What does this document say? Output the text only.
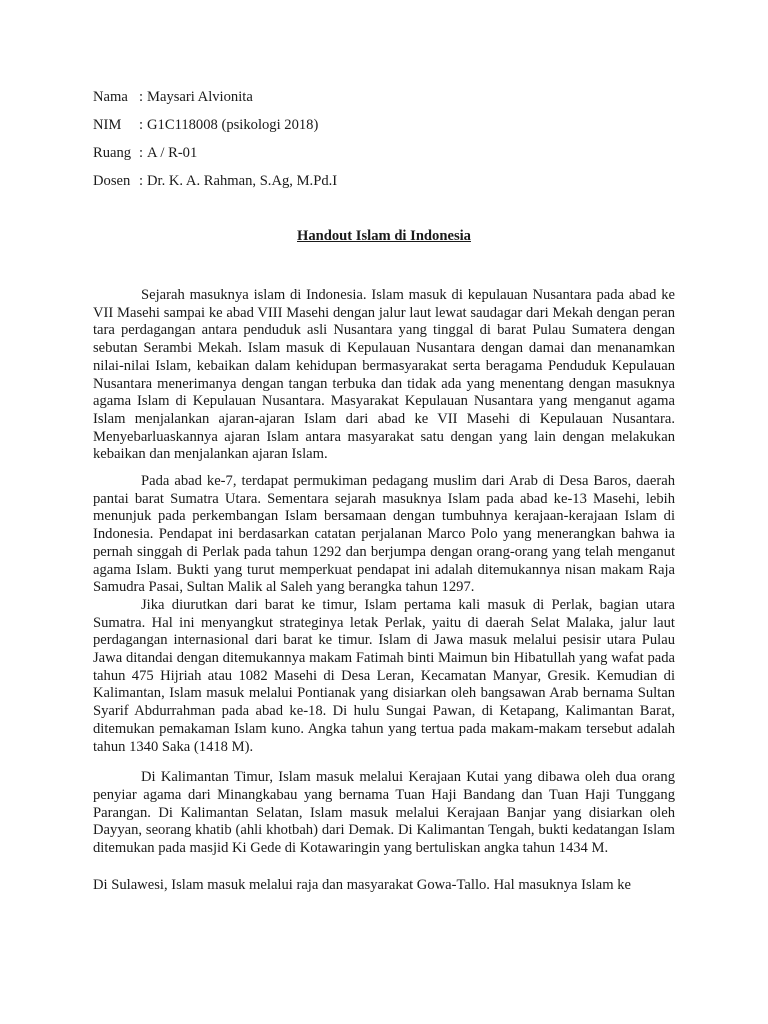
Nama : Maysari Alvionita
NIM	: G1C118008 (psikologi 2018)
Ruang : A / R-01
Dosen : Dr. K. A. Rahman, S.Ag, M.Pd.I
Handout Islam di Indonesia

Sejarah masuknya islam di Indonesia. Islam masuk di kepulauan Nusantara pada abad ke VII Masehi sampai ke abad VIII Masehi dengan jalur laut lewat saudagar dari Mekah dengan peran tara perdagangan antara penduduk asli Nusantara yang tinggal di barat Pulau Sumatera dengan sebutan Serambi Mekah. Islam masuk di Kepulauan Nusantara dengan damai dan menanamkan nilai-nilai Islam, kebaikan dalam kehidupan bermasyarakat serta beragama Penduduk Kepulauan Nusantara menerimanya dengan tangan terbuka dan tidak ada yang menentang dengan masuknya agama Islam di Kepulauan Nusantara. Masyarakat Kepulauan Nusantara yang menganut agama Islam menjalankan ajaran-ajaran Islam dari abad ke VII Masehi di Kepulauan Nusantara. Menyebarluaskannya ajaran Islam antara masyarakat satu dengan yang lain dengan melakukan kebaikan dan menjalankan ajaran Islam.

Pada abad ke-7, terdapat permukiman pedagang muslim dari Arab di Desa Baros, daerah pantai barat Sumatra Utara. Sementara sejarah masuknya Islam pada abad ke-13 Masehi, lebih menunjuk pada perkembangan Islam bersamaan dengan tumbuhnya kerajaan-kerajaan Islam di Indonesia. Pendapat ini berdasarkan catatan perjalanan Marco Polo yang menerangkan bahwa ia pernah singgah di Perlak pada tahun 1292 dan berjumpa dengan orang-orang yang telah menganut agama Islam. Bukti yang turut memperkuat pendapat ini adalah ditemukannya nisan makam Raja Samudra Pasai, Sultan Malik al Saleh yang berangka tahun 1297.

Jika diurutkan dari barat ke timur, Islam pertama kali masuk di Perlak, bagian utara Sumatra. Hal ini menyangkut strateginya letak Perlak, yaitu di daerah Selat Malaka, jalur laut perdagangan internasional dari barat ke timur. Islam di Jawa masuk melalui pesisir utara Pulau Jawa ditandai dengan ditemukannya makam Fatimah binti Maimun bin Hibatullah yang wafat pada tahun 475 Hijriah atau 1082 Masehi di Desa Leran, Kecamatan Manyar, Gresik. Kemudian di Kalimantan, Islam masuk melalui Pontianak yang disiarkan oleh bangsawan Arab bernama Sultan Syarif Abdurrahman pada abad ke-18. Di hulu Sungai Pawan, di Ketapang, Kalimantan Barat, ditemukan pemakaman Islam kuno. Angka tahun yang tertua pada makam-makam tersebut adalah tahun 1340 Saka (1418 M).

Di Kalimantan Timur, Islam masuk melalui Kerajaan Kutai yang dibawa oleh dua orang penyiar agama dari Minangkabau yang bernama Tuan Haji Bandang dan Tuan Haji Tunggang Parangan. Di Kalimantan Selatan, Islam masuk melalui Kerajaan Banjar yang disiarkan oleh Dayyan, seorang khatib (ahli khotbah) dari Demak. Di Kalimantan Tengah, bukti kedatangan Islam ditemukan pada masjid Ki Gede di Kotawaringin yang bertuliskan angka tahun 1434 M.

Di Sulawesi, Islam masuk melalui raja dan masyarakat Gowa-Tallo. Hal masuknya Islam ke
